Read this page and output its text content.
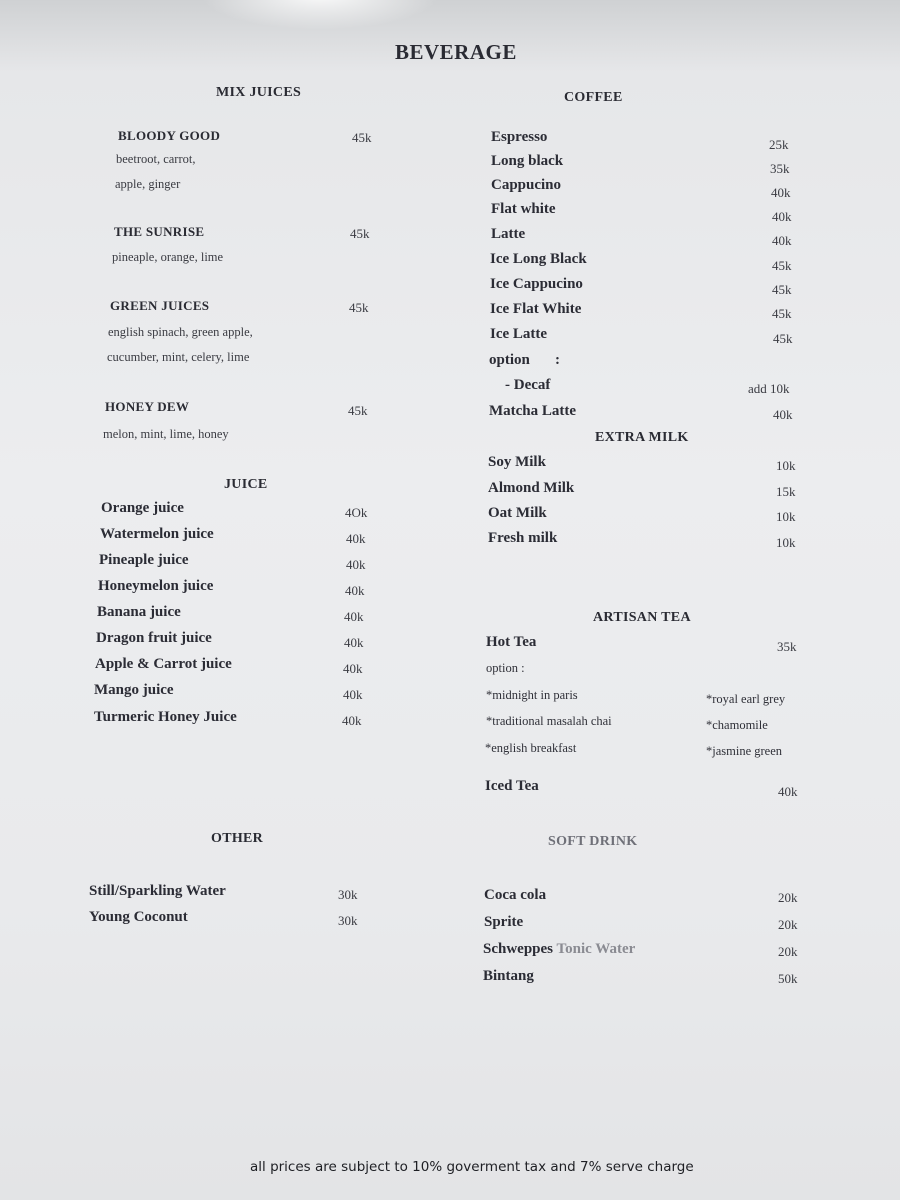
BEVERAGE
MIX JUICES
BLOODY GOOD	45k
beetroot, carrot,
apple, ginger
THE SUNRISE	45k
pineaple, orange, lime
GREEN JUICES	45k
english spinach, green apple,
cucumber, mint, celery, lime
HONEY DEW	45k
melon, mint, lime, honey
JUICE
Orange juice	4Ok
Watermelon juice	40k
Pineaple juice	40k
Honeymelon juice	40k
Banana juice	40k
Dragon fruit juice	40k
Apple & Carrot juice	40k
Mango juice	40k
Turmeric Honey Juice	40k
OTHER
Still/Sparkling Water	30k
Young Coconut	30k
COFFEE
Espresso	25k
Long black	35k
Cappucino	40k
Flat white	40k
Latte	40k
Ice Long Black	45k
Ice Cappucino	45k
Ice Flat White	45k
Ice Latte	45k
option :
- Decaf	add 10k
Matcha Latte	40k
EXTRA MILK
Soy Milk	10k
Almond Milk	15k
Oat Milk	10k
Fresh milk	10k
ARTISAN TEA
Hot Tea	35k
option :
*midnight in paris
*traditional masalah chai
*english breakfast
*royal earl grey
*chamomile
*jasmine green
Iced Tea	40k
SOFT DRINK
Coca cola	20k
Sprite	20k
Schweppes Tonic Water	20k
Bintang	50k
all prices are subject to 10% goverment tax and 7% serve charge
